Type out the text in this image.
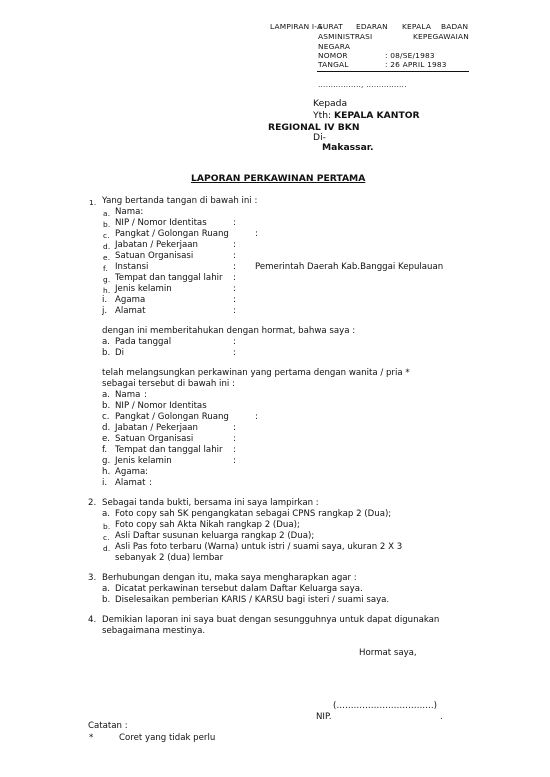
LAMPIRAN I-A
SURAT EDARAN KEPALA BADAN
ASMINISTRASI	KEPEGAWAIAN
NEGARA
NOMOR	: 08/SE/1983
TANGAL	: 26 APRIL 1983
…………….., …………….
Kepada
Yth: KEPALA KANTOR
REGIONAL IV BKN
Di-
Makassar.
LAPORAN PERKAWINAN PERTAMA
1. Yang bertanda tangan di bawah ini :
a. Nama:
b. NIP / Nomor Identitas	:
c. Pangkat / Golongan Ruang	:
d. Jabatan / Pekerjaan	:
e. Satuan Organisasi	:
f. Instansi	: Pemerintah Daerah Kab.Banggai Kepulauan
g. Tempat dan tanggal lahir :
h. Jenis kelamin	:
i. Agama	:
j. Alamat	:
dengan ini memberitahukan dengan hormat, bahwa saya :
a. Pada tanggal	:
b. Di	:
telah melangsungkan perkawinan yang pertama dengan wanita / pria *
sebagai tersebut di bawah ini :
a. Nama :
b. NIP / Nomor Identitas
c. Pangkat / Golongan Ruang	:
d. Jabatan / Pekerjaan	:
e. Satuan Organisasi	:
f. Tempat dan tanggal lahir :
g. Jenis kelamin	:
h. Agama :
i. Alamat :
2. Sebagai tanda bukti, bersama ini saya lampirkan :
a. Foto copy sah SK pengangkatan sebagai CPNS rangkap 2 (Dua);
b. Foto copy sah Akta Nikah rangkap 2 (Dua);
c. Asli Daftar susunan keluarga rangkap 2 (Dua);
d. Asli Pas foto terbaru (Warna) untuk istri / suami saya, ukuran 2 X 3
sebanyak 2 (dua) lembar
3. Berhubungan dengan itu, maka saya mengharapkan agar :
a. Dicatat perkawinan tersebut dalam Daftar Keluarga saya.
b. Diselesaikan pemberian KARIS / KARSU bagi isteri / suami saya.
4. Demikian laporan ini saya buat dengan sesungguhnya untuk dapat digunakan
sebagaimana mestinya.
Hormat saya,
(…………………………….)
NIP.	.
Catatan :
*	Coret yang tidak perlu
